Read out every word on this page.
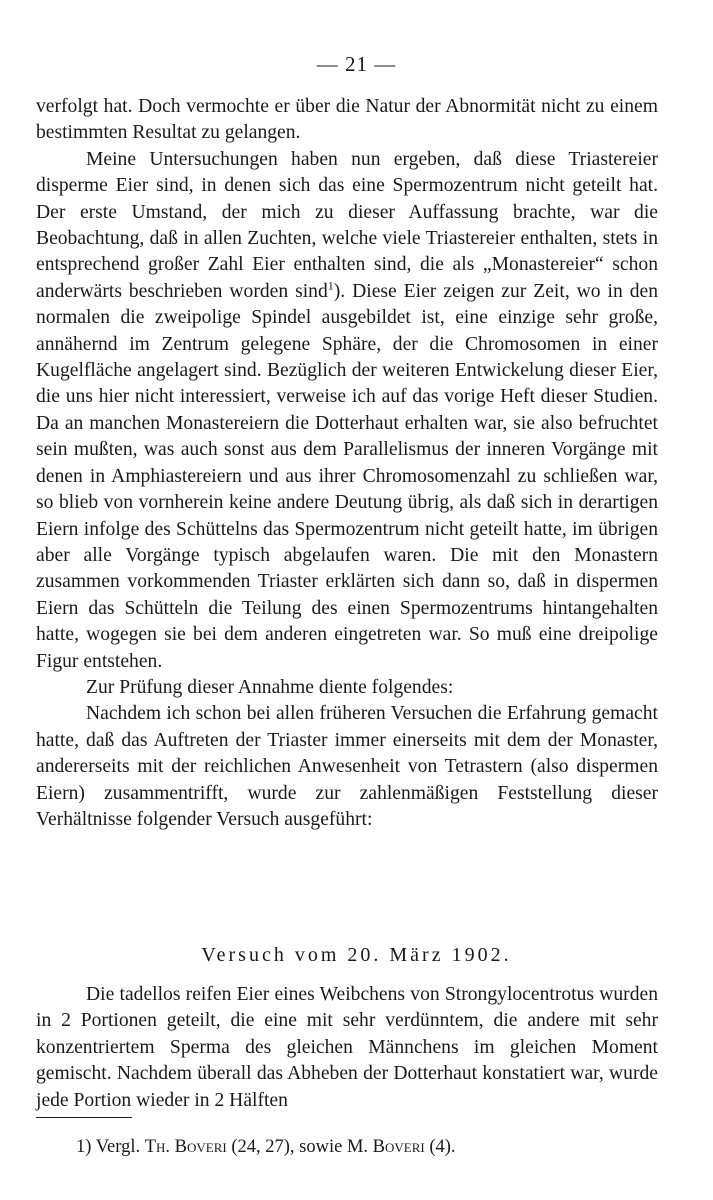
— 21 —

verfolgt hat. Doch vermochte er über die Natur der Abnormität nicht zu einem bestimmten Resultat zu gelangen.

Meine Untersuchungen haben nun ergeben, daß diese Triastereier disperme Eier sind, in denen sich das eine Spermozentrum nicht geteilt hat. Der erste Umstand, der mich zu dieser Auffassung brachte, war die Beobachtung, daß in allen Zuchten, welche viele Triastereier enthalten, stets in entsprechend großer Zahl Eier enthalten sind, die als „Monastereier“ schon anderwärts beschrieben worden sind$^1$). Diese Eier zeigen zur Zeit, wo in den normalen die zweipolige Spindel ausgebildet ist, eine einzige sehr große, annähernd im Zentrum gelegene Sphäre, der die Chromosomen in einer Kugelfläche angelagert sind. Bezüglich der weiteren Entwickelung dieser Eier, die uns hier nicht interessiert, verweise ich auf das vorige Heft dieser Studien. Da an manchen Monastereiern die Dotterhaut erhalten war, sie also befruchtet sein mußten, was auch sonst aus dem Parallelismus der inneren Vorgänge mit denen in Amphiastereiern und aus ihrer Chromosomenzahl zu schließen war, so blieb von vornherein keine andere Deutung übrig, als daß sich in derartigen Eiern infolge des Schüttelns das Spermozentrum nicht geteilt hatte, im übrigen aber alle Vorgänge typisch abgelaufen waren. Die mit den Monastern zusammen vorkommenden Triaster erklärten sich dann so, daß in dispermen Eiern das Schütteln die Teilung des einen Spermozentrums hintangehalten hatte, wogegen sie bei dem anderen eingetreten war. So muß eine dreipolige Figur entstehen.

Zur Prüfung dieser Annahme diente folgendes:

Nachdem ich schon bei allen früheren Versuchen die Erfahrung gemacht hatte, daß das Auftreten der Triaster immer einerseits mit dem der Monaster, andererseits mit der reichlichen Anwesenheit von Tetrastern (also dispermen Eiern) zusammentrifft, wurde zur zahlenmäßigen Feststellung dieser Verhältnisse folgender Versuch ausgeführt:

Versuch vom 20. März 1902.

Die tadellos reifen Eier eines Weibchens von Strongylocentrotus wurden in 2 Portionen geteilt, die eine mit sehr verdünntem, die andere mit sehr konzentriertem Sperma des gleichen Männchens im gleichen Moment gemischt. Nachdem überall das Abheben der Dotterhaut konstatiert war, wurde jede Portion wieder in 2 Hälften

1) Vergl. Th. Boveri (24, 27), sowie M. Boveri (4).
